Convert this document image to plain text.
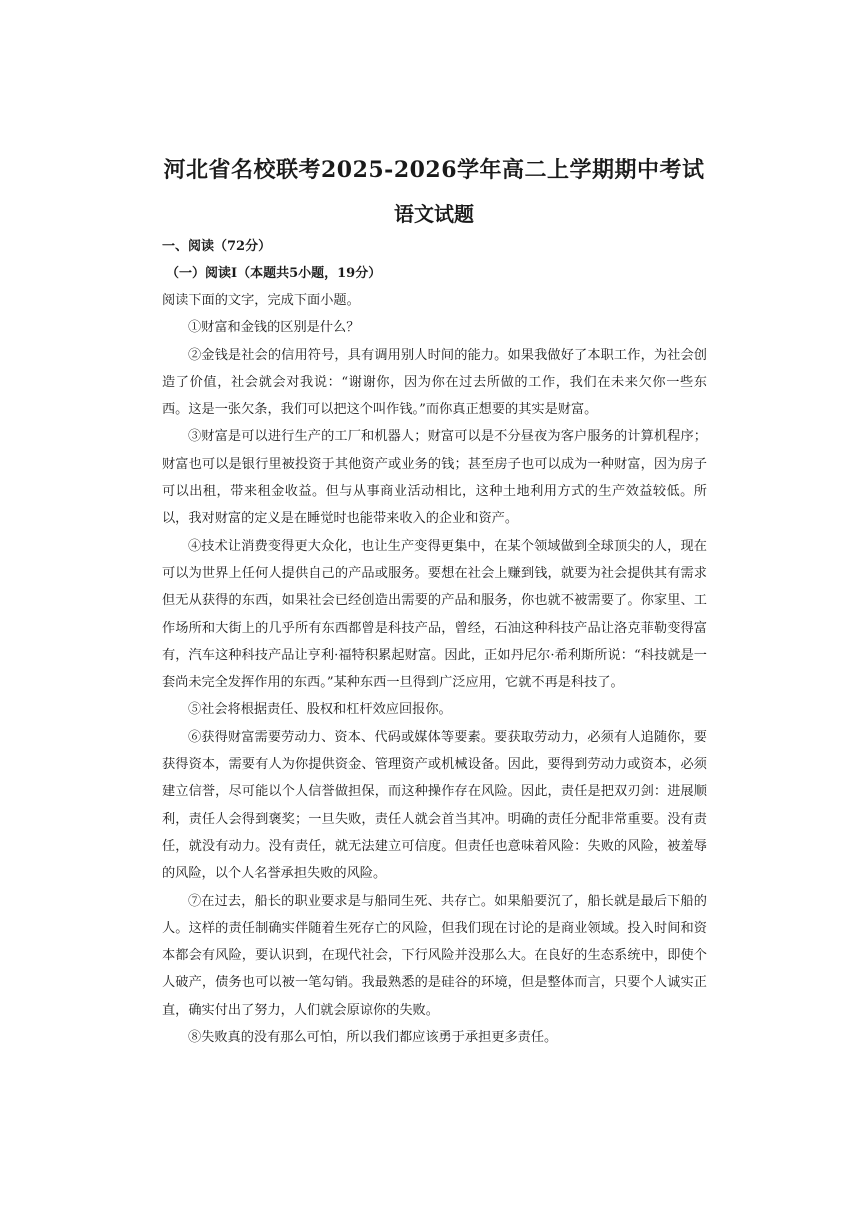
河北省名校联考2025-2026学年高二上学期期中考试
语文试题
一、阅读（72分）
（一）阅读Ⅰ（本题共5小题，19分）

阅读下面的文字，完成下面小题。

①财富和金钱的区别是什么？

②金钱是社会的信用符号，具有调用别人时间的能力。如果我做好了本职工作，为社会创造了价值，社会就会对我说：“谢谢你，因为你在过去所做的工作，我们在未来欠你一些东西。这是一张欠条，我们可以把这个叫作钱。”而你真正想要的其实是财富。

③财富是可以进行生产的工厂和机器人；财富可以是不分昼夜为客户服务的计算机程序；财富也可以是银行里被投资于其他资产或业务的钱；甚至房子也可以成为一种财富，因为房子可以出租，带来租金收益。但与从事商业活动相比，这种土地利用方式的生产效益较低。所以，我对财富的定义是在睡觉时也能带来收入的企业和资产。

④技术让消费变得更大众化，也让生产变得更集中，在某个领域做到全球顶尖的人，现在可以为世界上任何人提供自己的产品或服务。要想在社会上赚到钱，就要为社会提供其有需求但无从获得的东西，如果社会已经创造出需要的产品和服务，你也就不被需要了。你家里、工作场所和大街上的几乎所有东西都曾是科技产品，曾经，石油这种科技产品让洛克菲勒变得富有，汽车这种科技产品让亨利·福特积累起财富。因此，正如丹尼尔·希利斯所说：“科技就是一套尚未完全发挥作用的东西。”某种东西一旦得到广泛应用，它就不再是科技了。

⑤社会将根据责任、股权和杠杆效应回报你。

⑥获得财富需要劳动力、资本、代码或媒体等要素。要获取劳动力，必须有人追随你，要获得资本，需要有人为你提供资金、管理资产或机械设备。因此，要得到劳动力或资本，必须建立信誉，尽可能以个人信誉做担保，而这种操作存在风险。因此，责任是把双刃剑：进展顺利，责任人会得到褒奖；一旦失败，责任人就会首当其冲。明确的责任分配非常重要。没有责任，就没有动力。没有责任，就无法建立可信度。但责任也意味着风险：失败的风险，被羞辱的风险，以个人名誉承担失败的风险。

⑦在过去，船长的职业要求是与船同生死、共存亡。如果船要沉了，船长就是最后下船的人。这样的责任制确实伴随着生死存亡的风险，但我们现在讨论的是商业领域。投入时间和资本都会有风险，要认识到，在现代社会，下行风险并没那么大。在良好的生态系统中，即使个人破产，债务也可以被一笔勾销。我最熟悉的是硅谷的环境，但是整体而言，只要个人诚实正直，确实付出了努力，人们就会原谅你的失败。

⑧失败真的没有那么可怕，所以我们都应该勇于承担更多责任。
